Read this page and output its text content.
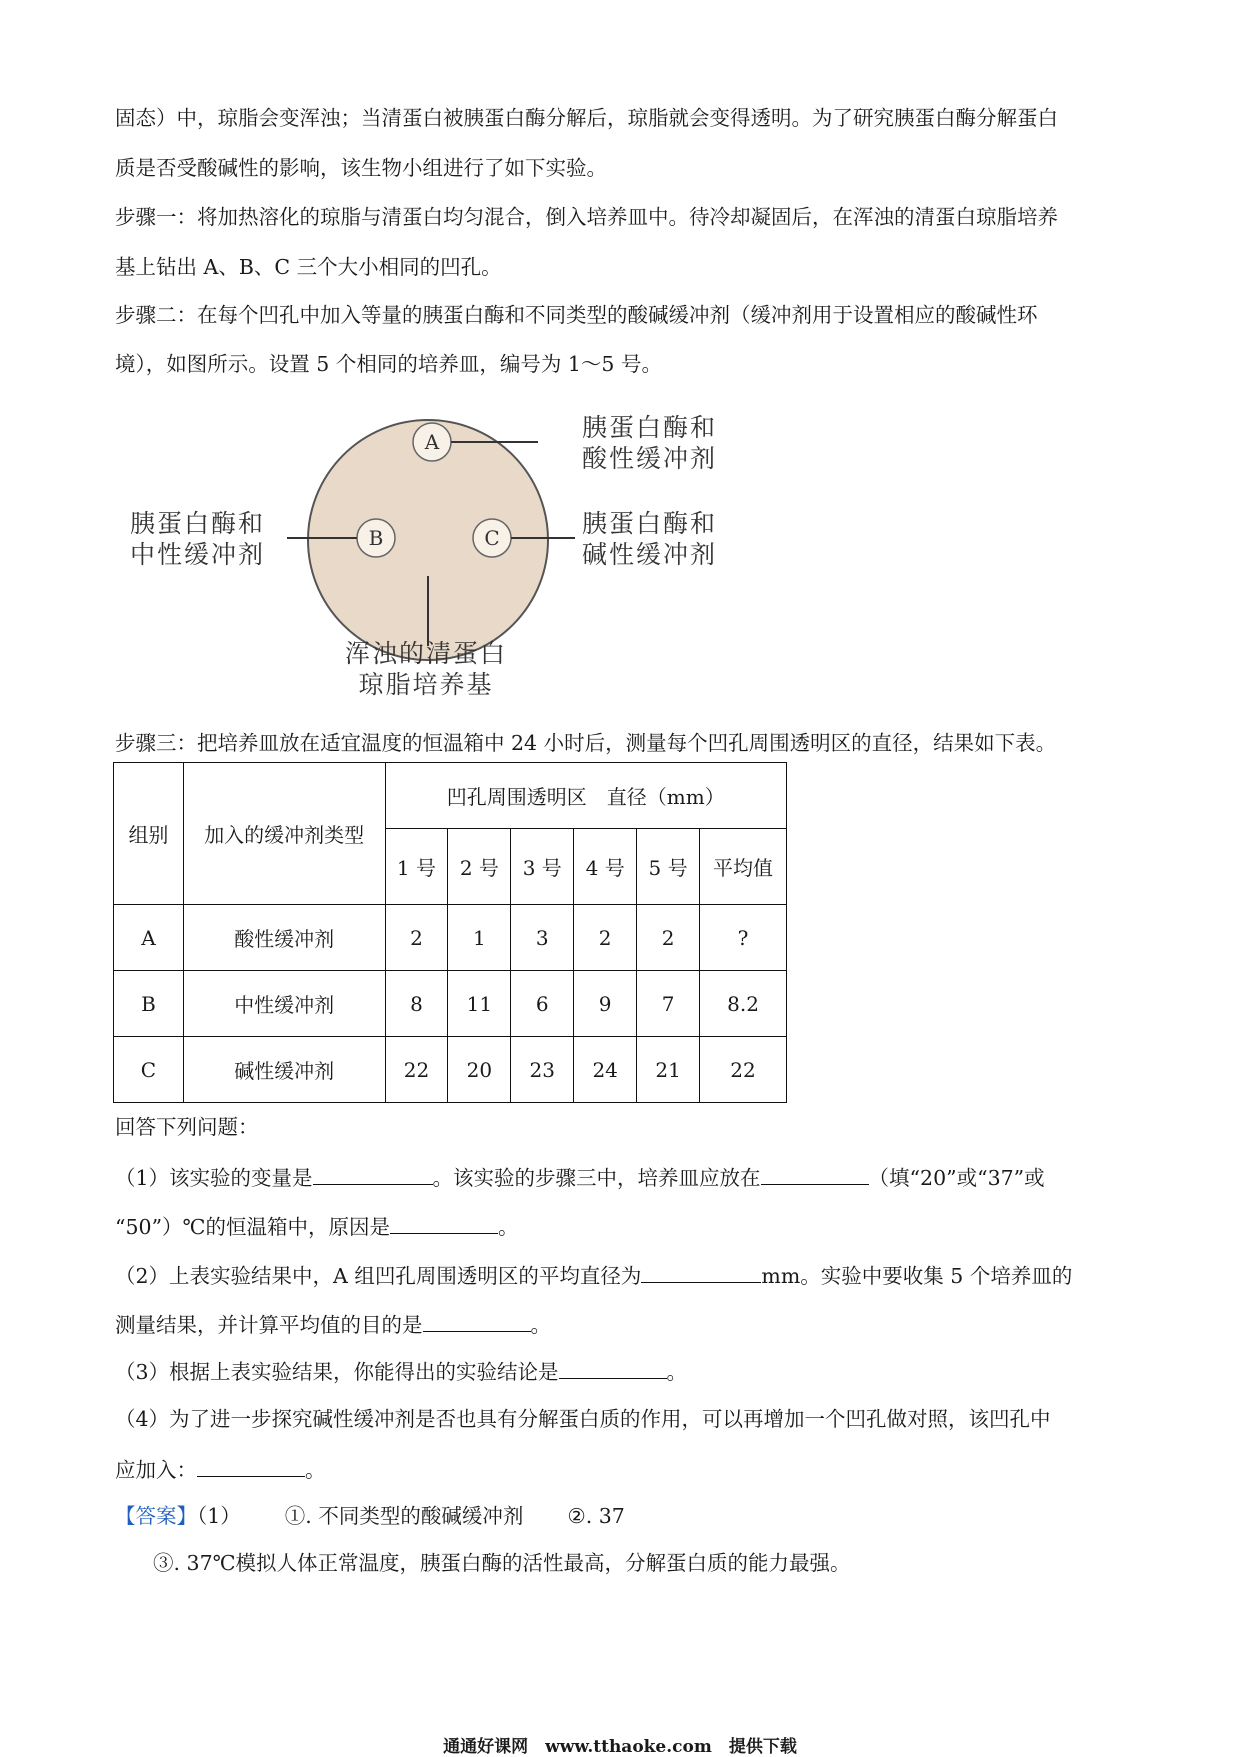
固态）中，琼脂会变浑浊；当清蛋白被胰蛋白酶分解后，琼脂就会变得透明。为了研究胰蛋白酶分解蛋白
质是否受酸碱性的影响，该生物小组进行了如下实验。
步骤一：将加热溶化的琼脂与清蛋白均匀混合，倒入培养皿中。待冷却凝固后，在浑浊的清蛋白琼脂培养
基上钻出 A、B、C 三个大小相同的凹孔。
步骤二：在每个凹孔中加入等量的胰蛋白酶和不同类型的酸碱缓冲剂（缓冲剂用于设置相应的酸碱性环
境），如图所示。设置 5 个相同的培养皿，编号为 1～5 号。
A
B	C
胰蛋白酶和
酸性缓冲剂
胰蛋白酶和
中性缓冲剂
胰蛋白酶和
碱性缓冲剂
浑浊的清蛋白
琼脂培养基
步骤三：把培养皿放在适宜温度的恒温箱中 24 小时后，测量每个凹孔周围透明区的直径，结果如下表。
组别	加入的缓冲剂类型	凹孔周围透明区　直径（mm）					
		1 号	2 号	3 号	4 号	5 号	平均值
A	酸性缓冲剂	2	1	3	2	2	?
B	中性缓冲剂	8	11	6	9	7	8.2
C	碱性缓冲剂	22	20	23	24	21	22
回答下列问题：
（1）该实验的变量是	。该实验的步骤三中，培养皿应放在	（填“20”或“37”或
“50”）℃的恒温箱中，原因是	。
（2）上表实验结果中，A 组凹孔周围透明区的平均直径为	mm。实验中要收集 5 个培养皿的
测量结果，并计算平均值的目的是	。
（3）根据上表实验结果，你能得出的实验结论是	。
（4）为了进一步探究碱性缓冲剂是否也具有分解蛋白质的作用，可以再增加一个凹孔做对照，该凹孔中
应加入：	。
【答案】（1） ①. 不同类型的酸碱缓冲剂 ②. 37
③. 37℃模拟人体正常温度，胰蛋白酶的活性最高，分解蛋白质的能力最强。
通通好课网　www.tthaoke.com　提供下载
